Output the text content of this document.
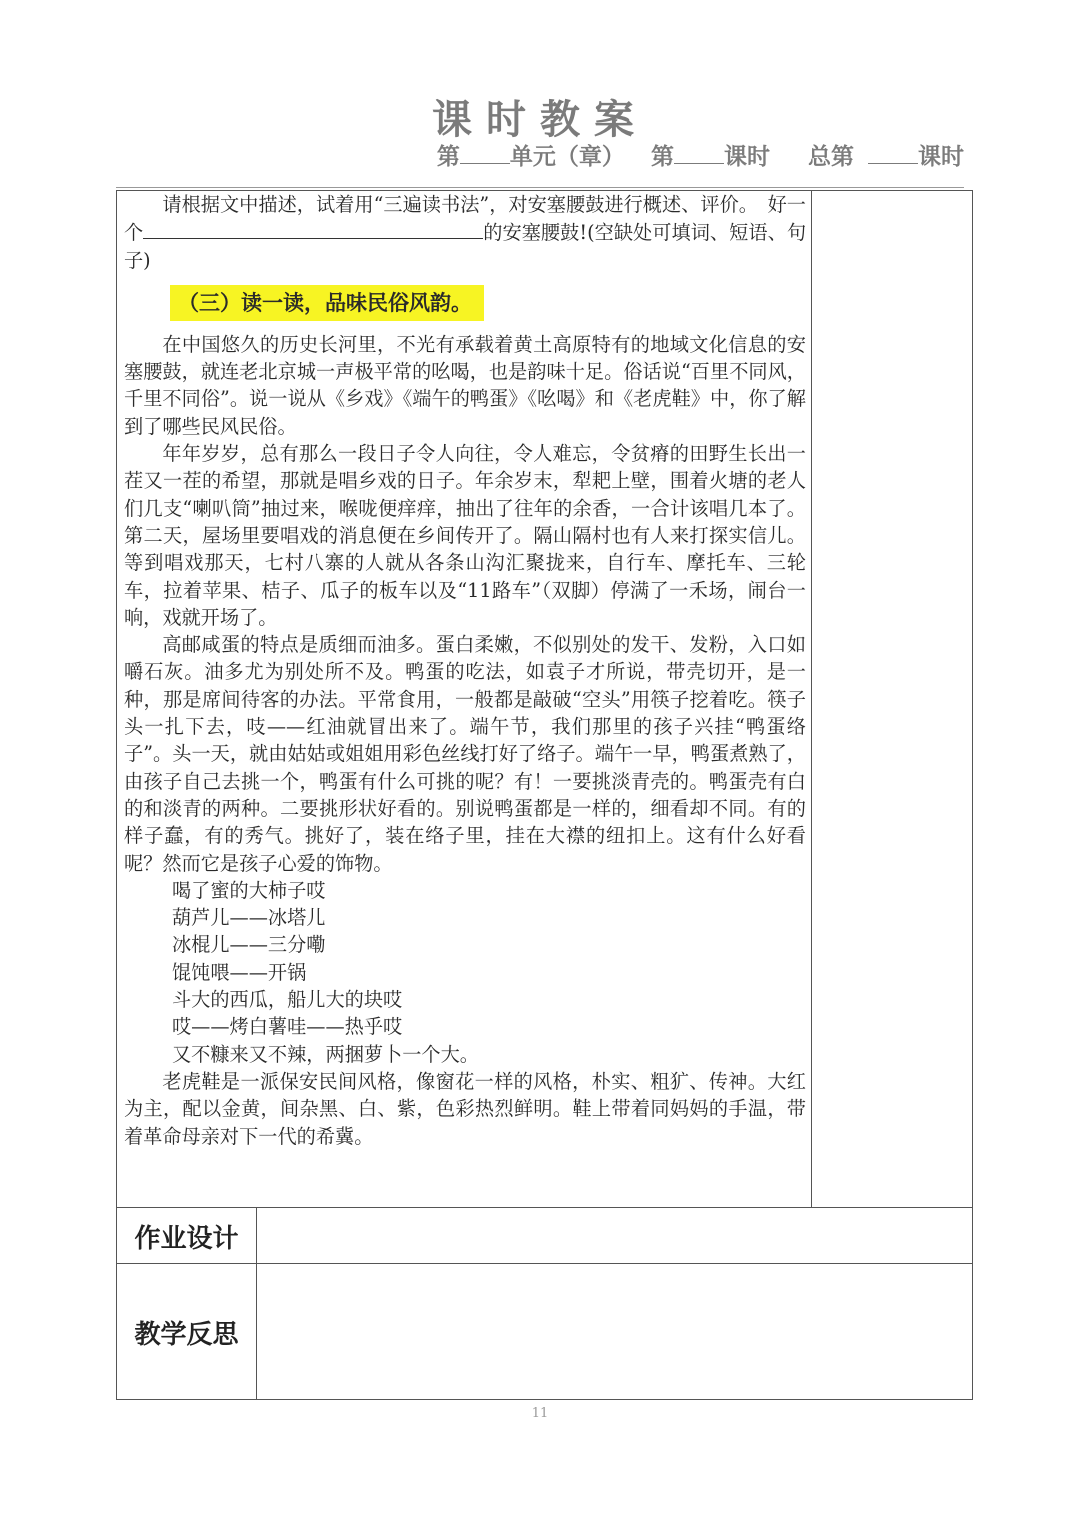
课时教案
第 单元（章） 第 课时 总第	课时

请根据文中描述，试着用“三遍读书法”，对安塞腰鼓进行概述、评价。　好一个	的安塞腰鼓!(空缺处可填词、短语、句子)

（三）读一读，品味民俗风韵。

在中国悠久的历史长河里，不光有承载着黄土高原特有的地域文化信息的安塞腰鼓，就连老北京城一声极平常的吆喝，也是韵味十足。俗话说“百里不同风，千里不同俗”。说一说从《乡戏》《端午的鸭蛋》《吆喝》和《老虎鞋》中，你了解到了哪些民风民俗。

年年岁岁，总有那么一段日子令人向往，令人难忘，令贫瘠的田野生长出一茬又一茬的希望，那就是唱乡戏的日子。年余岁末，犁耙上壁，围着火塘的老人们几支“喇叭筒”抽过来，喉咙便痒痒，抽出了往年的余香，一合计该唱几本了。第二天，屋场里要唱戏的消息便在乡间传开了。隔山隔村也有人来打探实信儿。等到唱戏那天，七村八寨的人就从各条山沟汇聚拢来，自行车、摩托车、三轮车，拉着苹果、桔子、瓜子的板车以及“11路车”（双脚）停满了一禾场，闹台一响，戏就开场了。

高邮咸蛋的特点是质细而油多。蛋白柔嫩，不似别处的发干、发粉，入口如嚼石灰。油多尤为别处所不及。鸭蛋的吃法，如袁子才所说，带壳切开，是一种，那是席间待客的办法。平常食用，一般都是敲破“空头”用筷子挖着吃。筷子头一扎下去，吱——红油就冒出来了。端午节，我们那里的孩子兴挂“鸭蛋络子”。头一天，就由姑姑或姐姐用彩色丝线打好了络子。端午一早，鸭蛋煮熟了，由孩子自己去挑一个，鸭蛋有什么可挑的呢？有！一要挑淡青壳的。鸭蛋壳有白的和淡青的两种。二要挑形状好看的。别说鸭蛋都是一样的，细看却不同。有的样子蠢，有的秀气。挑好了，装在络子里，挂在大襟的纽扣上。这有什么好看呢？然而它是孩子心爱的饰物。

喝了蜜的大柿子哎

葫芦儿——冰塔儿

冰棍儿——三分嘞

馄饨喂——开锅

斗大的西瓜，船儿大的块哎

哎——烤白薯哇——热乎哎

又不糠来又不辣，两捆萝卜一个大。

老虎鞋是一派保安民间风格，像窗花一样的风格，朴实、粗犷、传神。大红为主，配以金黄，间杂黑、白、紫，色彩热烈鲜明。鞋上带着同妈妈的手温，带着革命母亲对下一代的希冀。

作业设计
教学反思
11
